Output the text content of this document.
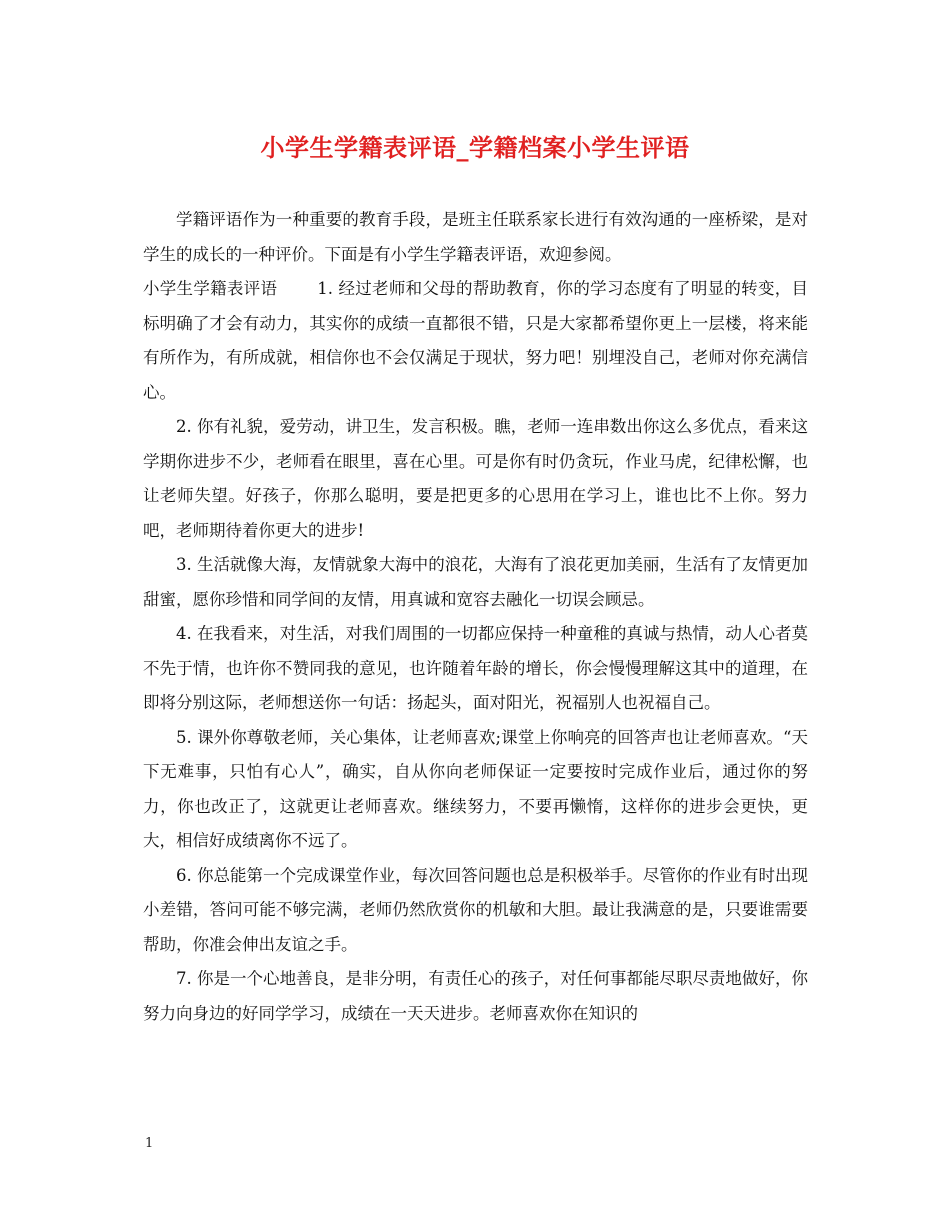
小学生学籍表评语_学籍档案小学生评语

学籍评语作为一种重要的教育手段，是班主任联系家长进行有效沟通的一座桥梁，是对学生的成长的一种评价。下面是有小学生学籍表评语，欢迎参阅。

小学生学籍表评语 1. 经过老师和父母的帮助教育，你的学习态度有了明显的转变，目标明确了才会有动力，其实你的成绩一直都很不错，只是大家都希望你更上一层楼，将来能有所作为，有所成就，相信你也不会仅满足于现状，努力吧！别埋没自己，老师对你充满信心。

2. 你有礼貌，爱劳动，讲卫生，发言积极。瞧，老师一连串数出你这么多优点，看来这学期你进步不少，老师看在眼里，喜在心里。可是你有时仍贪玩，作业马虎，纪律松懈，也让老师失望。好孩子，你那么聪明，要是把更多的心思用在学习上，谁也比不上你。努力吧，老师期待着你更大的进步!

3. 生活就像大海，友情就象大海中的浪花，大海有了浪花更加美丽，生活有了友情更加甜蜜，愿你珍惜和同学间的友情，用真诚和宽容去融化一切误会顾忌。

4. 在我看来，对生活，对我们周围的一切都应保持一种童稚的真诚与热情，动人心者莫不先于情，也许你不赞同我的意见，也许随着年龄的增长，你会慢慢理解这其中的道理，在即将分别这际，老师想送你一句话：扬起头，面对阳光，祝福别人也祝福自己。

5. 课外你尊敬老师，关心集体，让老师喜欢;课堂上你响亮的回答声也让老师喜欢。“天下无难事，只怕有心人”，确实，自从你向老师保证一定要按时完成作业后，通过你的努力，你也改正了，这就更让老师喜欢。继续努力，不要再懒惰，这样你的进步会更快，更大，相信好成绩离你不远了。

6. 你总能第一个完成课堂作业，每次回答问题也总是积极举手。尽管你的作业有时出现小差错，答问可能不够完满，老师仍然欣赏你的机敏和大胆。最让我满意的是，只要谁需要帮助，你准会伸出友谊之手。

7. 你是一个心地善良，是非分明，有责任心的孩子，对任何事都能尽职尽责地做好，你努力向身边的好同学学习，成绩在一天天进步。老师喜欢你在知识的

1
